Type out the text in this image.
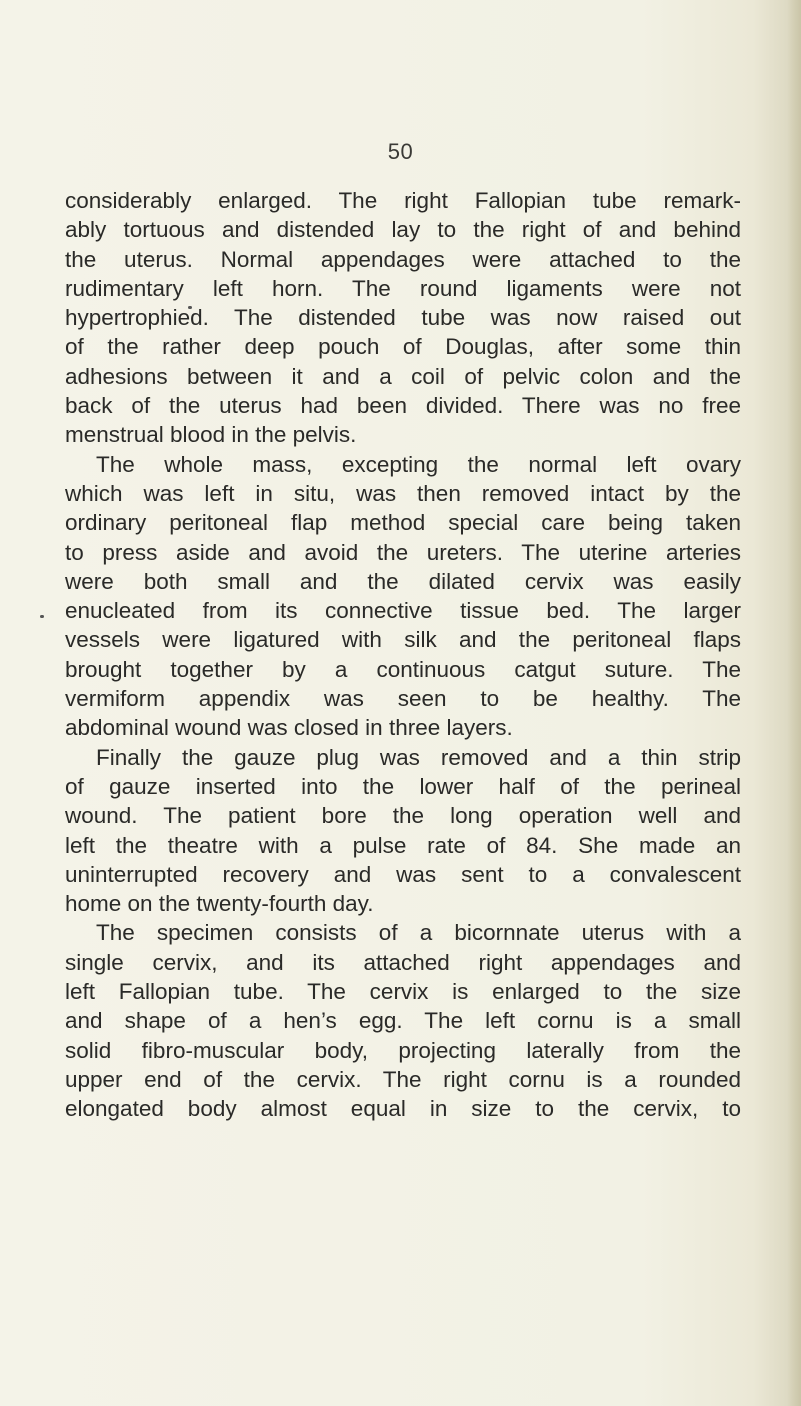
50
considerably enlarged. The right Fallopian tube remark-
ably tortuous and distended lay to the right of and behind
the uterus. Normal appendages were attached to the
rudimentary left horn. The round ligaments were not
hypertrophied. The distended tube was now raised out
of the rather deep pouch of Douglas, after some thin
adhesions between it and a coil of pelvic colon and the
back of the uterus had been divided. There was no free
menstrual blood in the pelvis.
The whole mass, excepting the normal left ovary
which was left in situ, was then removed intact by the
ordinary peritoneal flap method special care being taken
to press aside and avoid the ureters. The uterine arteries
were both small and the dilated cervix was easily
enucleated from its connective tissue bed. The larger
vessels were ligatured with silk and the peritoneal flaps
brought together by a continuous catgut suture. The
vermiform appendix was seen to be healthy. The
abdominal wound was closed in three layers.
Finally the gauze plug was removed and a thin strip
of gauze inserted into the lower half of the perineal
wound. The patient bore the long operation well and
left the theatre with a pulse rate of 84. She made an
uninterrupted recovery and was sent to a convalescent
home on the twenty-fourth day.
The specimen consists of a bicornnate uterus with a
single cervix, and its attached right appendages and
left Fallopian tube. The cervix is enlarged to the size
and shape of a hen’s egg. The left cornu is a small
solid fibro-muscular body, projecting laterally from the
upper end of the cervix. The right cornu is a rounded
elongated body almost equal in size to the cervix, to
